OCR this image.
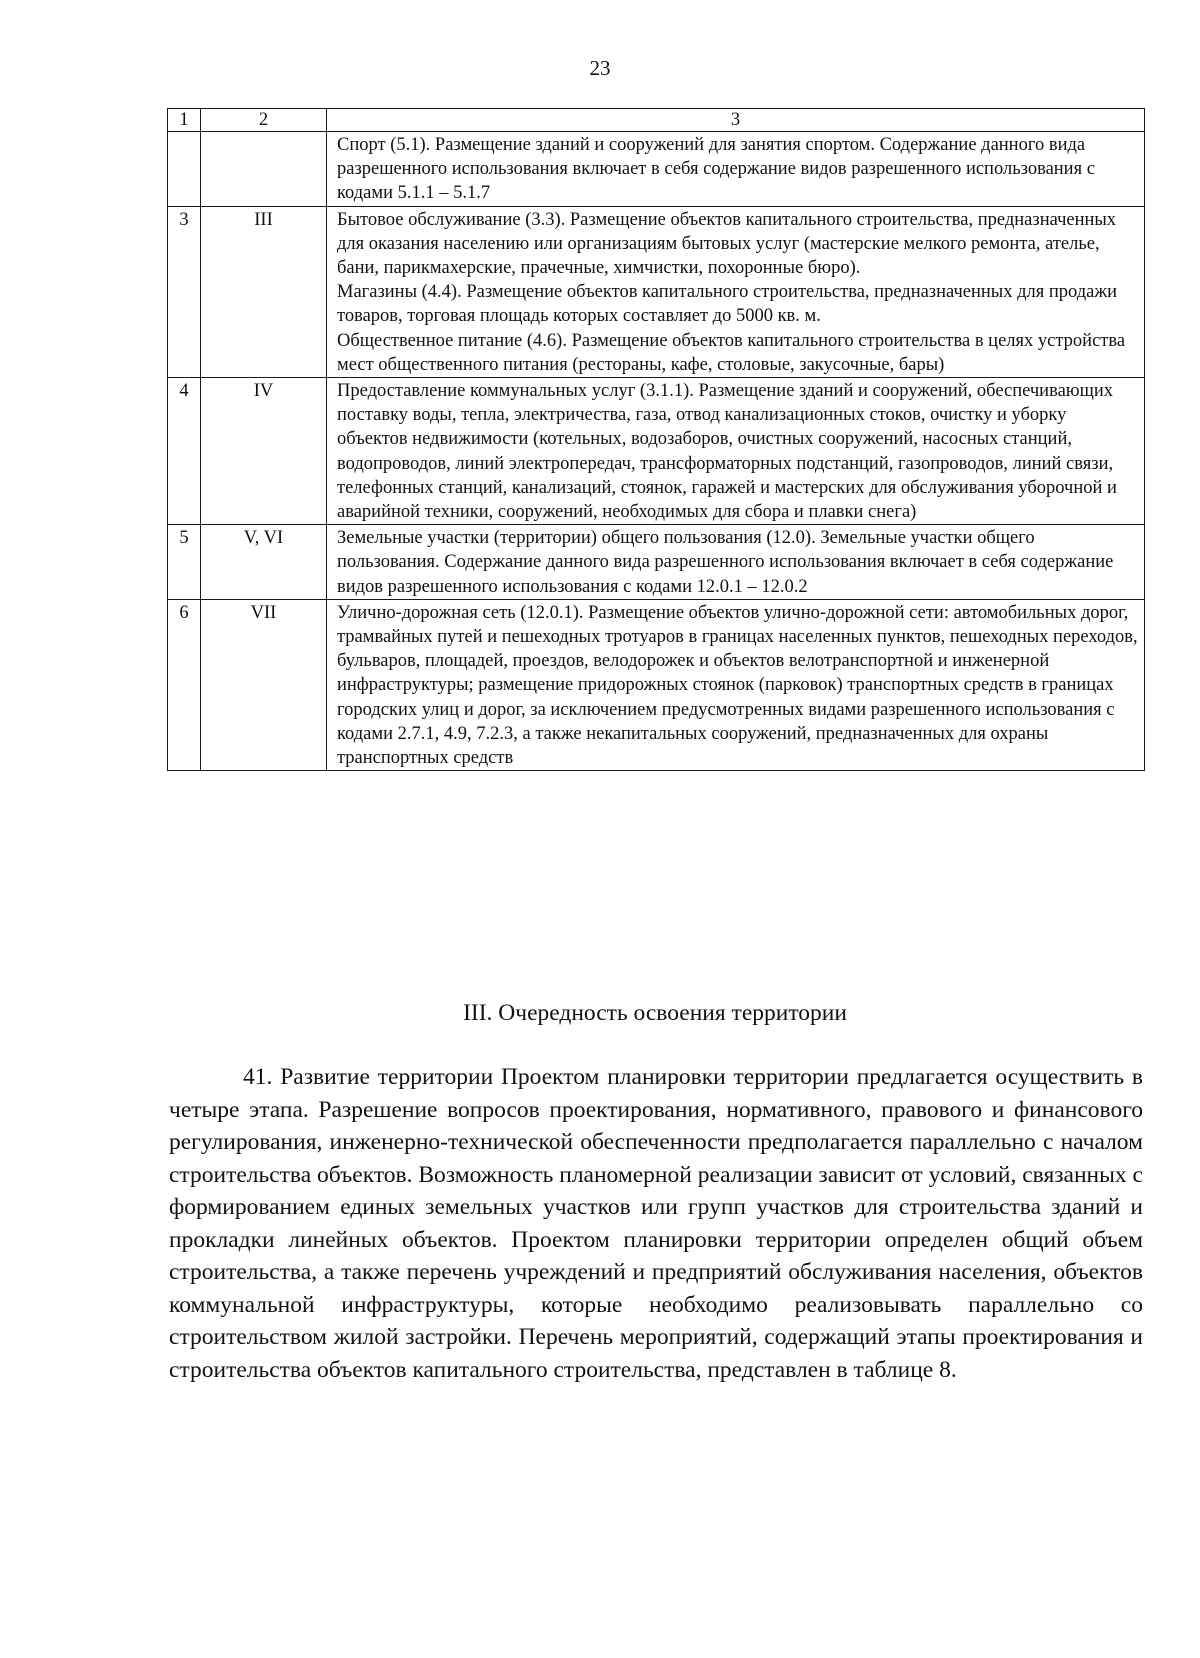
23
1	2	3

		Спорт (5.1). Размещение зданий и сооружений для занятия спортом. Содержание данного вида разрешенного использования включает в себя содержание видов разрешенного использования с кодами 5.1.1 – 5.1.7

3	III	Бытовое обслуживание (3.3). Размещение объектов капитального строительства, предназначенных для оказания населению или организациям бытовых услуг (мастерские мелкого ремонта, ателье, бани, парикмахерские, прачечные, химчистки, похоронные бюро).
Магазины (4.4). Размещение объектов капитального строительства, предназначенных для продажи товаров, торговая площадь которых составляет до 5000 кв. м.
Общественное питание (4.6). Размещение объектов капитального строительства в целях устройства мест общественного питания (рестораны, кафе, столовые, закусочные, бары)

4	IV	Предоставление коммунальных услуг (3.1.1). Размещение зданий и сооружений, обеспечивающих поставку воды, тепла, электричества, газа, отвод канализационных стоков, очистку и уборку объектов недвижимости (котельных, водозаборов, очистных сооружений, насосных станций, водопроводов, линий электропередач, трансформаторных подстанций, газопроводов, линий связи, телефонных станций, канализаций, стоянок, гаражей и мастерских для обслуживания уборочной и аварийной техники, сооружений, необходимых для сбора и плавки снега)

5	V, VI	Земельные участки (территории) общего пользования (12.0). Земельные участки общего пользования. Содержание данного вида разрешенного использования включает в себя содержание видов разрешенного использования с кодами 12.0.1 – 12.0.2

6	VII	Улично-дорожная сеть (12.0.1). Размещение объектов улично-дорожной сети: автомобильных дорог, трамвайных путей и пешеходных тротуаров в границах населенных пунктов, пешеходных переходов, бульваров, площадей, проездов, велодорожек и объектов велотранспортной и инженерной инфраструктуры; размещение придорожных стоянок (парковок) транспортных средств в границах городских улиц и дорог, за исключением предусмотренных видами разрешенного использования с кодами 2.7.1, 4.9, 7.2.3, а также некапитальных сооружений, предназначенных для охраны транспортных средств
III. Очередность освоения территории

41. Развитие территории Проектом планировки территории предлагается осуществить в четыре этапа. Разрешение вопросов проектирования, нормативного, правового и финансового регулирования, инженерно-технической обеспеченности предполагается параллельно с началом строительства объектов. Возможность планомерной реализации зависит от условий, связанных с формированием единых земельных участков или групп участков для строительства зданий и прокладки линейных объектов. Проектом планировки территории определен общий объем строительства, а также перечень учреждений и предприятий обслуживания населения, объектов коммунальной инфраструктуры, которые необходимо реализовывать параллельно со строительством жилой застройки. Перечень мероприятий, содержащий этапы проектирования и строительства объектов капитального строительства, представлен в таблице 8.
